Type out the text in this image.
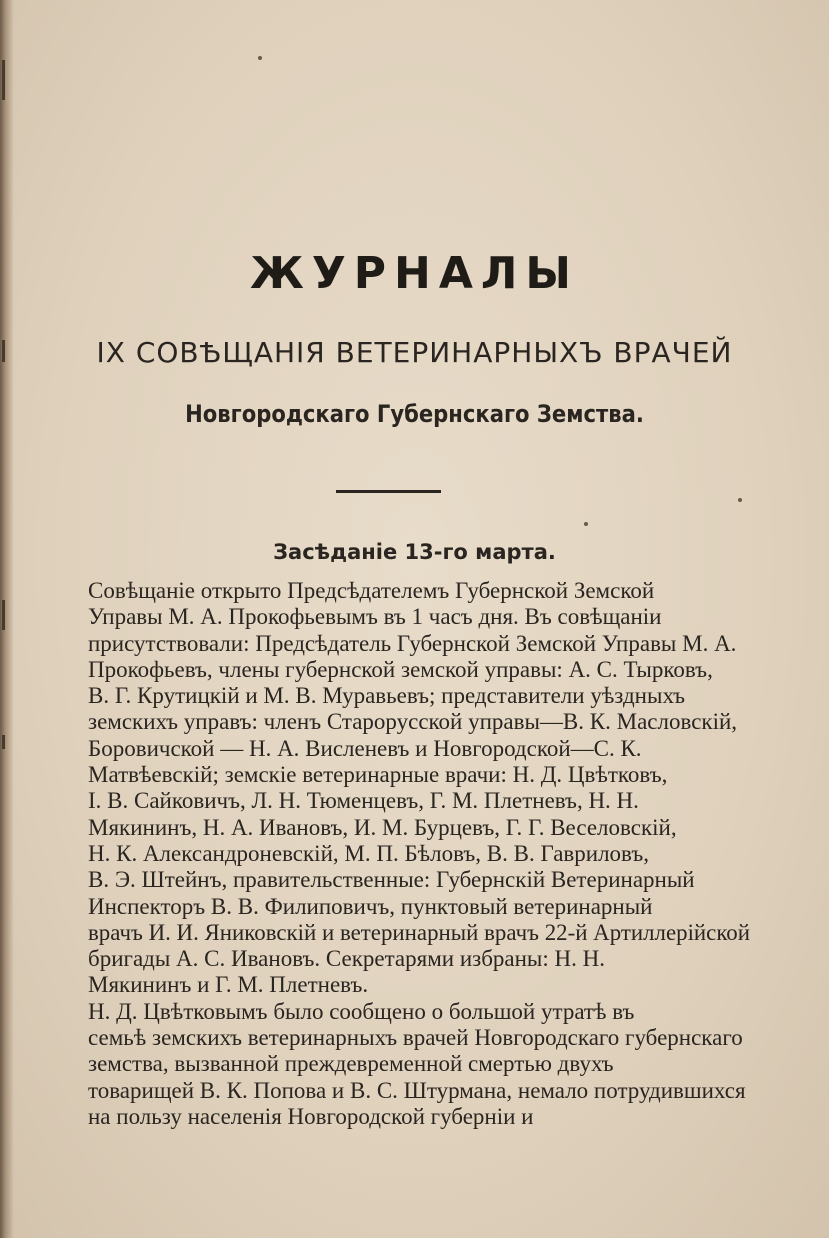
ЖУРНАЛЫ
IX СОВѢЩАНІЯ ВЕТЕРИНАРНЫХЪ ВРАЧЕЙ
Новгородскаго Губернскаго Земства.
Засѣданіе 13-го марта.

Совѣщаніе открыто Предсѣдателемъ Губернской Земской
Управы М. А. Прокофьевымъ въ 1 часъ дня. Въ совѣщаніи
присутствовали: Предсѣдатель Губернской Земской Управы М. А.
Прокофьевъ, члены губернской земской управы: А. С. Тырковъ,
В. Г. Крутицкій и М. В. Муравьевъ; представители уѣздныхъ
земскихъ управъ: членъ Старорусской управы—В. К. Масловскій,
Боровичской — Н. А. Висленевъ и Новгородской—С. К.
Матвѣевскій; земскіе ветеринарные врачи: Н. Д. Цвѣтковъ,
І. В. Сайковичъ, Л. Н. Тюменцевъ, Г. М. Плетневъ, Н. Н.
Мякининъ, Н. А. Ивановъ, И. М. Бурцевъ, Г. Г. Веселовскій,
Н. К. Александроневскій, М. П. Бѣловъ, В. В. Гавриловъ,
В. Э. Штейнъ, правительственные: Губернскій Ветеринарный
Инспекторъ В. В. Филиповичъ, пунктовый ветеринарный
врачъ И. И. Яниковскій и ветеринарный врачъ 22-й Артиллерійской
бригады А. С. Ивановъ. Секретарями избраны: Н. Н.
Мякининъ и Г. М. Плетневъ.

Н. Д. Цвѣтковымъ было сообщено о большой утратѣ въ
семьѣ земскихъ ветеринарныхъ врачей Новгородскаго губернскаго
земства, вызванной преждевременной смертью двухъ
товарищей В. К. Попова и В. С. Штурмана, немало потрудившихся
на пользу населенія Новгородской губерніи и
